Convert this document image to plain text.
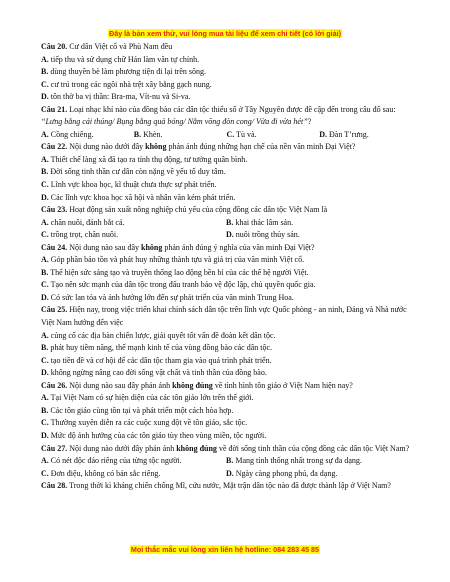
Đây là bản xem thử, vui lòng mua tài liệu để xem chi tiết (có lời giải)

Câu 20. Cư dân Việt cổ và Phù Nam đều

A. tiếp thu và sử dụng chữ Hán làm văn tự chính.
B. dùng thuyền bè làm phương tiện đi lại trên sông.
C. cư trú trong các ngôi nhà trệt xây bằng gạch nung.
D. tôn thờ ba vị thần: Bra-ma, Vít-nu và Si-va.

Câu 21. Loại nhạc khí nào của đồng bào các dân tộc thiểu số ở Tây Nguyên được đề cập đến trong câu đố sau: “Lưng bằng cái thúng/ Bụng bằng quả bóng/ Nằm võng đòn cong/ Vừa đi vừa hét”?

A. Cồng chiêng.	B. Khèn.	C. Tù và.	D. Đàn T’rưng.

Câu 22. Nội dung nào dưới đây không phản ánh đúng những hạn chế của nền văn minh Đại Việt?

A. Thiết chế làng xã đã tạo ra tính thụ động, tư tưởng quân bình.
B. Đời sống tinh thần cư dân còn nặng về yếu tố duy tâm.
C. Lĩnh vực khoa học, kĩ thuật chưa thực sự phát triển.
D. Các lĩnh vực khoa học xã hội và nhân văn kém phát triển.

Câu 23. Hoạt động sản xuất nông nghiệp chủ yếu của cộng đồng các dân tộc Việt Nam là

A. chăn nuôi, đánh bắt cá.	B. khai thác lâm sản.
C. trồng trọt, chăn nuôi.	D. nuôi trồng thủy sản.

Câu 24. Nội dung nào sau đây không phản ánh đúng ý nghĩa của văn minh Đại Việt?

A. Góp phần bảo tồn và phát huy những thành tựu và giá trị của văn minh Việt cổ.
B. Thể hiện sức sáng tạo và truyền thống lao động bền bỉ của các thế hệ người Việt.
C. Tạo nên sức mạnh của dân tộc trong đấu tranh bảo vệ độc lập, chủ quyền quốc gia.
D. Có sức lan tỏa và ảnh hưởng lớn đến sự phát triển của văn minh Trung Hoa.

Câu 25. Hiện nay, trong việc triển khai chính sách dân tộc trên lĩnh vực Quốc phòng - an ninh, Đảng và Nhà nước Việt Nam hướng đến việc

A. củng cố các địa bàn chiến lược, giải quyết tốt vấn đề đoàn kết dân tộc.
B. phát huy tiềm năng, thế mạnh kinh tế của vùng đồng bào các dân tộc.
C. tạo tiền đề và cơ hội để các dân tộc tham gia vào quá trình phát triển.
D. không ngừng nâng cao đời sống vật chất và tinh thần của đồng bào.

Câu 26. Nội dung nào sau đây phản ánh không đúng về tình hình tôn giáo ở Việt Nam hiện nay?

A. Tại Việt Nam có sự hiện diện của các tôn giáo lớn trên thế giới.
B. Các tôn giáo cùng tồn tại và phát triển một cách hòa hợp.
C. Thường xuyên diễn ra các cuộc xung đột về tôn giáo, sắc tộc.
D. Mức độ ảnh hưởng của các tôn giáo tùy theo vùng miền, tộc người.

Câu 27. Nội dung nào dưới đây phản ánh không đúng về đời sống tinh thần của cộng đồng các dân tộc Việt Nam?

A. Có nét độc đáo riêng của từng tộc người.	B. Mang tính thống nhất trong sự đa dạng.
C. Đơn điệu, không có bản sắc riêng.	D. Ngày càng phong phú, đa dạng.

Câu 28. Trong thời kì kháng chiến chống Mĩ, cứu nước, Mặt trận dân tộc nào đã được thành lập ở Việt Nam?

Mọi thắc mắc vui lòng xin liên hệ hotline: 084 283 45 85
